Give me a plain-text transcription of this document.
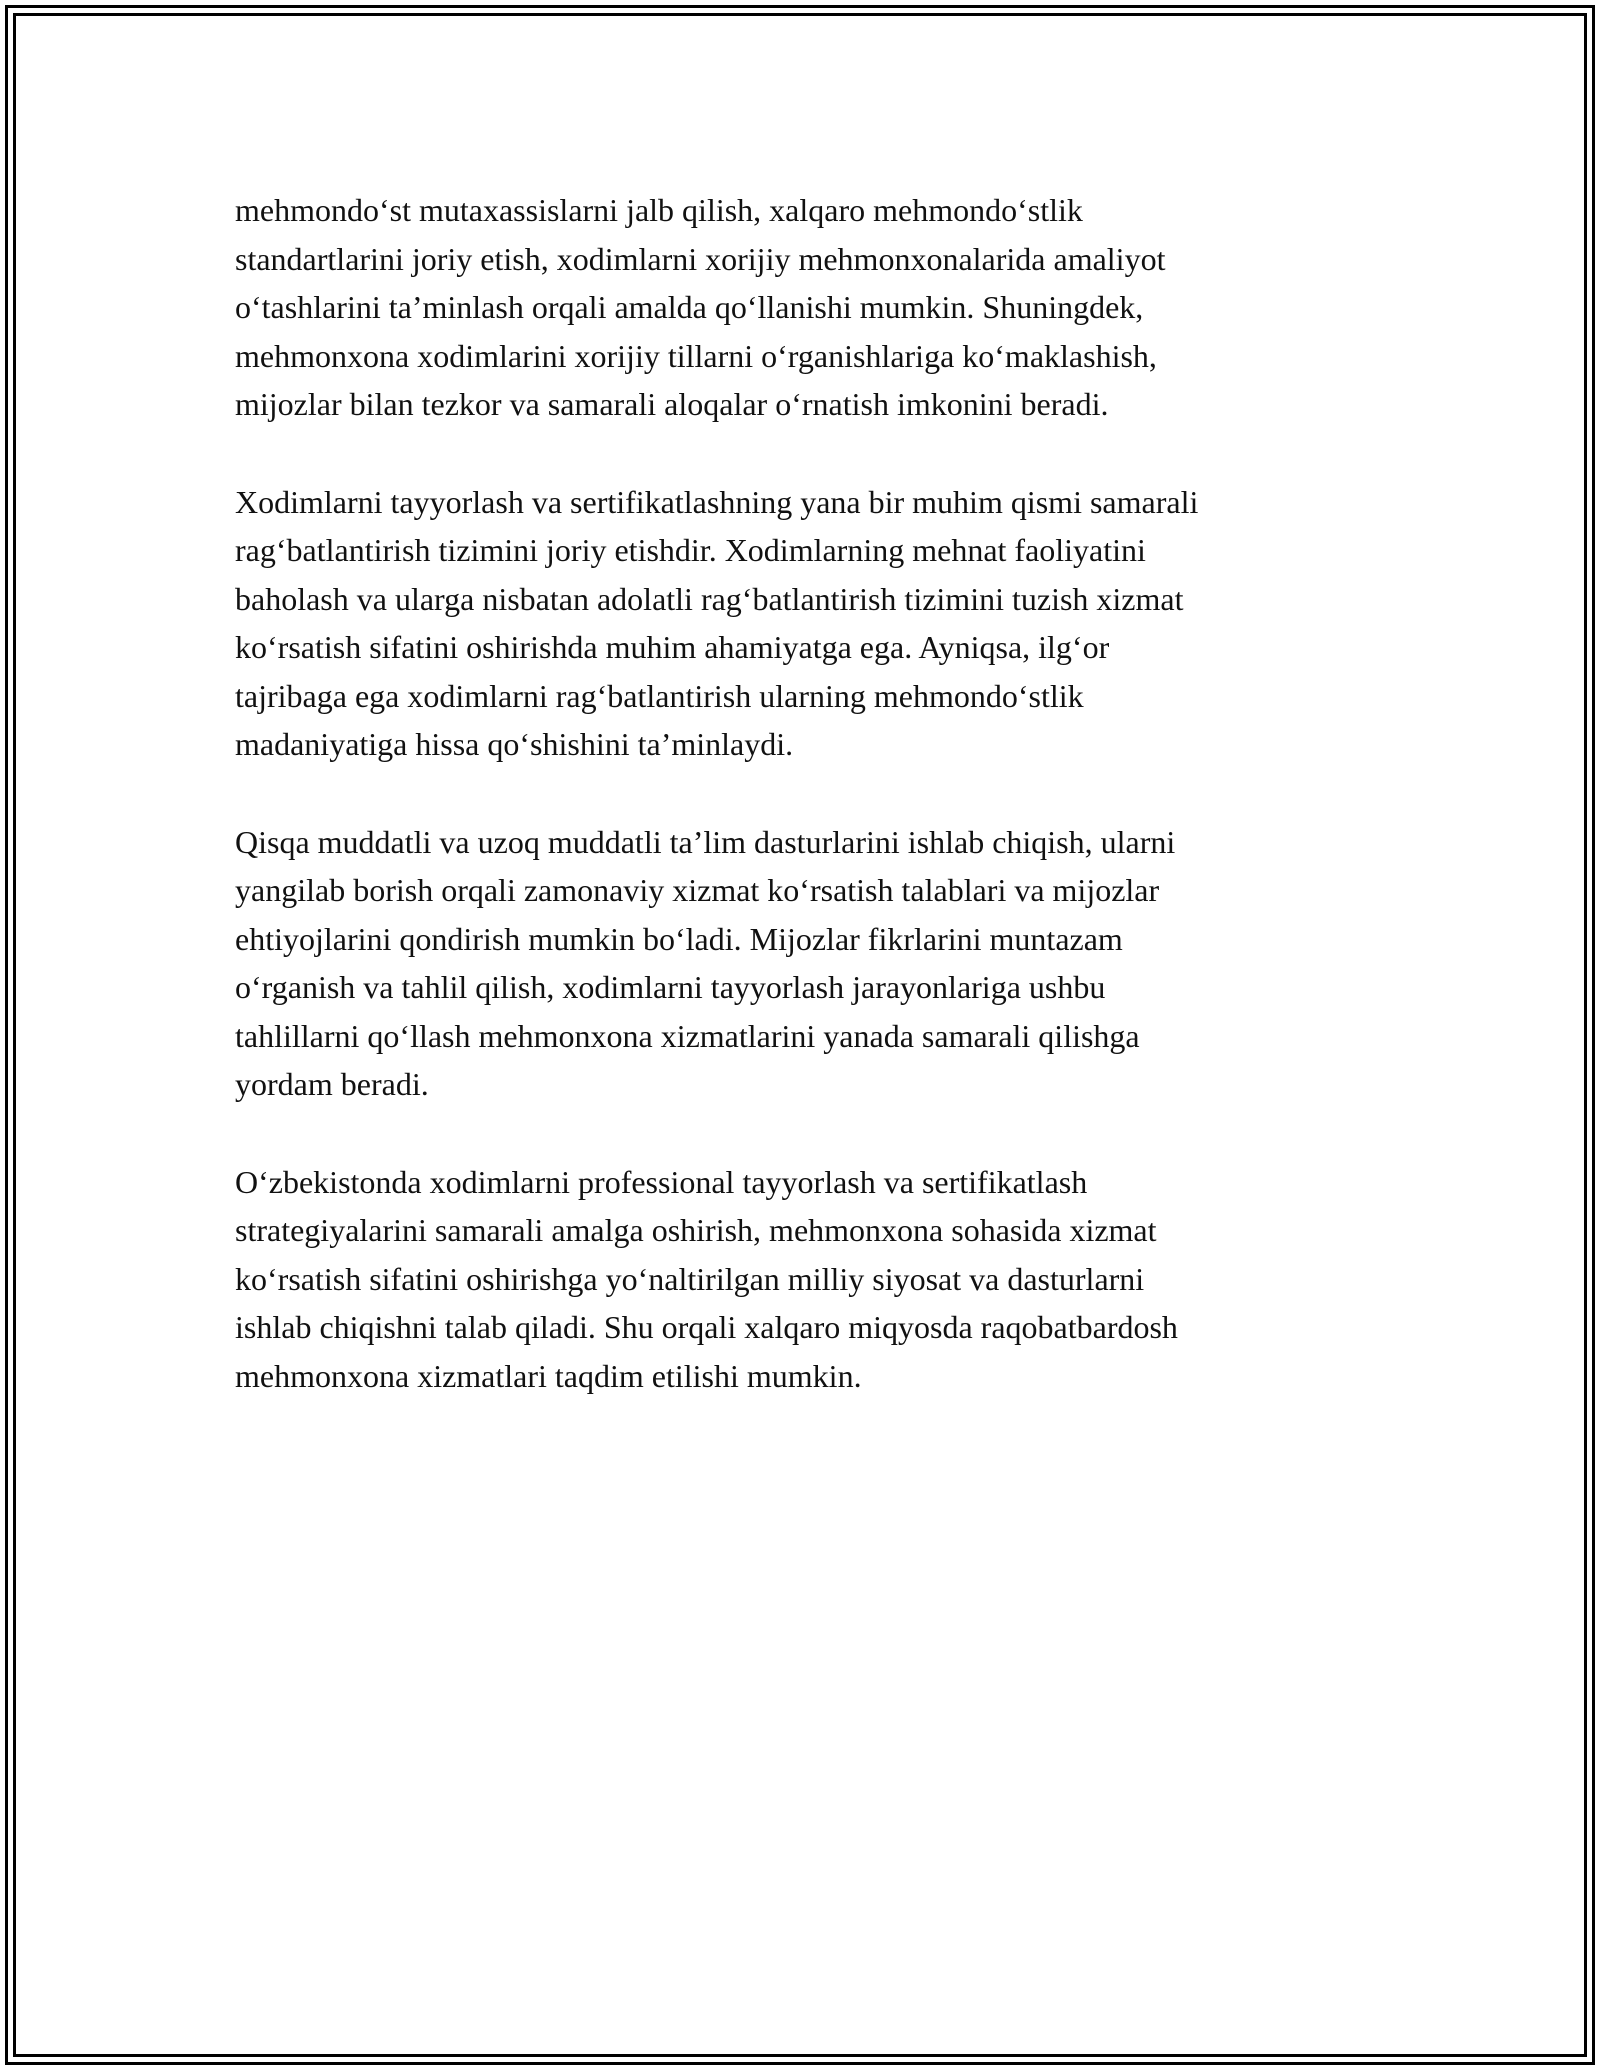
mehmondo‘st mutaxassislarni jalb qilish, xalqaro mehmondo‘stlik
standartlarini joriy etish, xodimlarni xorijiy mehmonxonalarida amaliyot
o‘tashlarini ta’minlash orqali amalda qo‘llanishi mumkin. Shuningdek,
mehmonxona xodimlarini xorijiy tillarni o‘rganishlariga ko‘maklashish,
mijozlar bilan tezkor va samarali aloqalar o‘rnatish imkonini beradi.

Xodimlarni tayyorlash va sertifikatlashning yana bir muhim qismi samarali
rag‘batlantirish tizimini joriy etishdir. Xodimlarning mehnat faoliyatini
baholash va ularga nisbatan adolatli rag‘batlantirish tizimini tuzish xizmat
ko‘rsatish sifatini oshirishda muhim ahamiyatga ega. Ayniqsa, ilg‘or
tajribaga ega xodimlarni rag‘batlantirish ularning mehmondo‘stlik
madaniyatiga hissa qo‘shishini ta’minlaydi.

Qisqa muddatli va uzoq muddatli ta’lim dasturlarini ishlab chiqish, ularni
yangilab borish orqali zamonaviy xizmat ko‘rsatish talablari va mijozlar
ehtiyojlarini qondirish mumkin bo‘ladi. Mijozlar fikrlarini muntazam
o‘rganish va tahlil qilish, xodimlarni tayyorlash jarayonlariga ushbu
tahlillarni qo‘llash mehmonxona xizmatlarini yanada samarali qilishga
yordam beradi.

O‘zbekistonda xodimlarni professional tayyorlash va sertifikatlash
strategiyalarini samarali amalga oshirish, mehmonxona sohasida xizmat
ko‘rsatish sifatini oshirishga yo‘naltirilgan milliy siyosat va dasturlarni
ishlab chiqishni talab qiladi. Shu orqali xalqaro miqyosda raqobatbardosh
mehmonxona xizmatlari taqdim etilishi mumkin.
